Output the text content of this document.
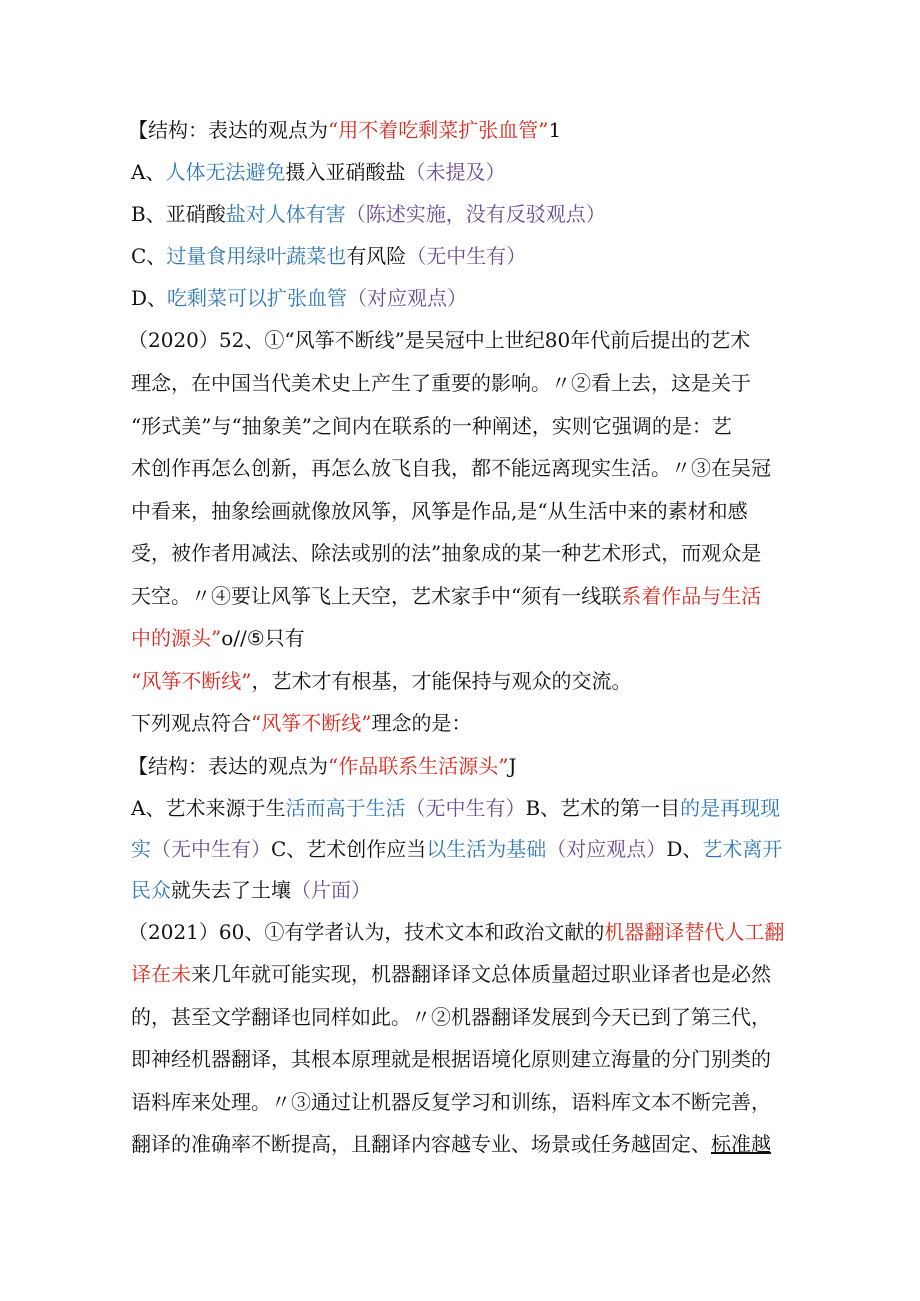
【结构：表达的观点为“用不着吃剩菜扩张血管”1
A、人体无法避免摄入亚硝酸盐（未提及）
B、亚硝酸盐对人体有害（陈述实施，没有反驳观点）
C、过量食用绿叶蔬菜也有风险（无中生有）
D、吃剩菜可以扩张血管（对应观点）
（2020）52、①“风筝不断线”是吴冠中上世纪80年代前后提出的艺术
理念，在中国当代美术史上产生了重要的影响。〃②看上去，这是关于
“形式美”与“抽象美”之间内在联系的一种阐述，实则它强调的是：艺
术创作再怎么创新，再怎么放飞自我，都不能远离现实生活。〃③在吴冠
中看来，抽象绘画就像放风筝，风筝是作品,是“从生活中来的素材和感
受，被作者用减法、除法或别的法”抽象成的某一种艺术形式，而观众是
天空。〃④要让风筝飞上天空，艺术家手中“须有一线联系着作品与生活
中的源头”o//⑤只有
“风筝不断线”，艺术才有根基，才能保持与观众的交流。
下列观点符合“风筝不断线”理念的是：
【结构：表达的观点为“作品联系生活源头”J
A、艺术来源于生活而高于生活（无中生有）B、艺术的第一目的是再现现
实（无中生有）C、艺术创作应当以生活为基础（对应观点）D、艺术离开
民众就失去了土壤（片面）
（2021）60、①有学者认为，技术文本和政治文献的机器翻译替代人工翻
译在未来几年就可能实现，机器翻译译文总体质量超过职业译者也是必然
的，甚至文学翻译也同样如此。〃②机器翻译发展到今天已到了第三代，
即神经机器翻译，其根本原理就是根据语境化原则建立海量的分门别类的
语料库来处理。〃③通过让机器反复学习和训练，语料库文本不断完善，
翻译的准确率不断提高，且翻译内容越专业、场景或任务越固定、标准越
